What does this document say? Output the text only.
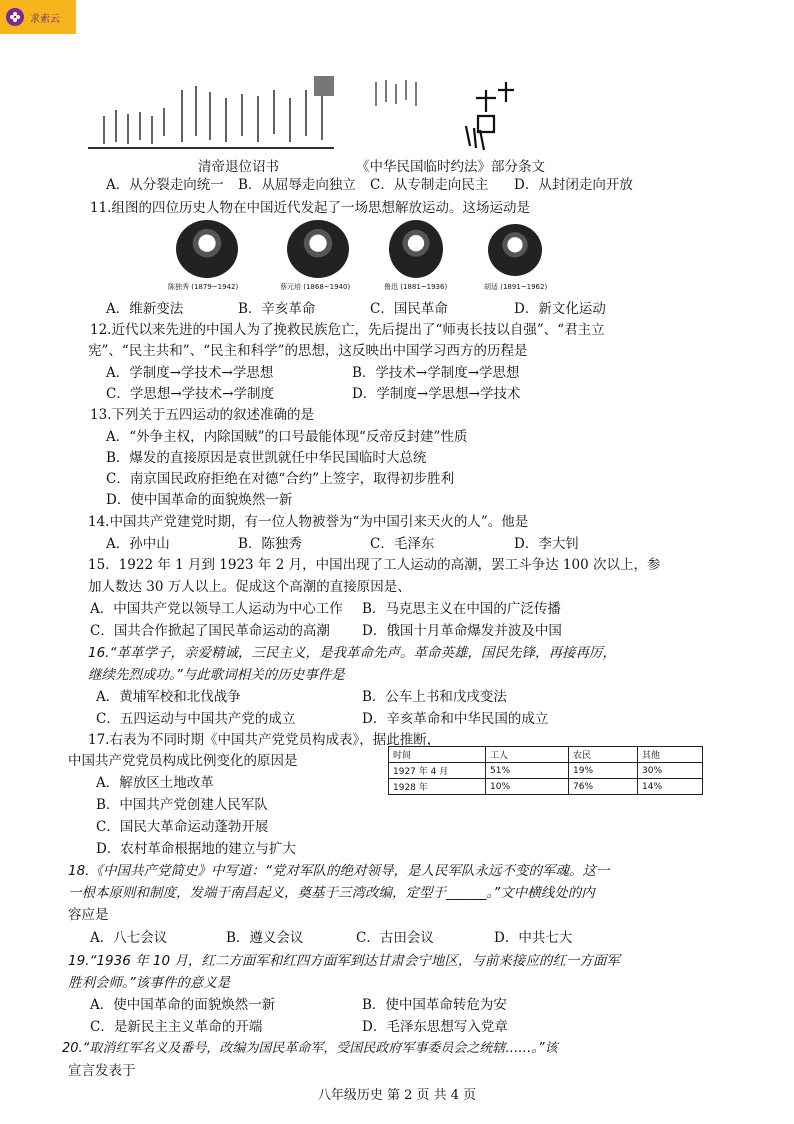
求索云
清帝退位诏书	《中华民国临时约法》部分条文
A．从分裂走向统一 B．从屈辱走向独立 C．从专制走向民主 D．从封闭走向开放
11.组图的四位历史人物在中国近代发起了一场思想解放运动。这场运动是
陈独秀 (1879~1942)	蔡元培 (1868~1940)	鲁迅 (1881~1936)	胡适 (1891~1962)
A．维新变法	B．辛亥革命	C．国民革命	D．新文化运动
12.近代以来先进的中国人为了挽救民族危亡，先后提出了“师夷长技以自强”、“君主立
宪”、“民主共和”、“民主和科学”的思想，这反映出中国学习西方的历程是
A．学制度→学技术→学思想	B．学技术→学制度→学思想
C．学思想→学技术→学制度	D．学制度→学思想→学技术
13.下列关于五四运动的叙述准确的是
A．“外争主权，内除国贼”的口号最能体现“反帝反封建”性质
B．爆发的直接原因是袁世凯就任中华民国临时大总统
C．南京国民政府拒绝在对德“合约”上签字，取得初步胜利
D．使中国革命的面貌焕然一新
14.中国共产党建党时期，有一位人物被誉为“为中国引来天火的人”。他是
A．孙中山	B．陈独秀	C．毛泽东	D．李大钊
15．1922 年 1 月到 1923 年 2 月，中国出现了工人运动的高潮，罢工斗争达 100 次以上，参
加人数达 30 万人以上。促成这个高潮的直接原因是、
A．中国共产党以领导工人运动为中心工作 B．马克思主义在中国的广泛传播
C．国共合作掀起了国民革命运动的高潮 D．俄国十月革命爆发并波及中国
16.“革革学子，亲爱精诚，三民主义，是我革命先声。革命英雄，国民先锋，再接再厉，
继续先烈成功。”与此歌词相关的历史事件是
A．黄埔军校和北伐战争	B．公车上书和戊戌变法
C．五四运动与中国共产党的成立	D．辛亥革命和中华民国的成立
17.右表为不同时期《中国共产党党员构成表》，据此推断，
中国共产党党员构成比例变化的原因是	时间	工人	农民	其他
1927 年 4 月	51%	19%	30%
1928 年	10%	76%	14%
A．解放区土地改革
B．中国共产党创建人民军队
C．国民大革命运动蓬勃开展
D．农村革命根据地的建立与扩大
18.《中国共产党简史》中写道：“党对军队的绝对领导，是人民军队永远不变的军魂。这一
一根本原则和制度，发端于南昌起义，奠基于三湾改编，定型于______。”文中横线处的内
容应是
A．八七会议	B．遵义会议	C．古田会议	D．中共七大
19.“1936 年 10 月，红二方面军和红四方面军到达甘肃会宁地区，与前来接应的红一方面军
胜利会师。”该事件的意义是
A．使中国革命的面貌焕然一新	B．使中国革命转危为安
C．是新民主主义革命的开端	D．毛泽东思想写入党章
20.“取消红军名义及番号，改编为国民革命军，受国民政府军事委员会之统辖……。”该
宣言发表于
八年级历史 第 2 页 共 4 页
